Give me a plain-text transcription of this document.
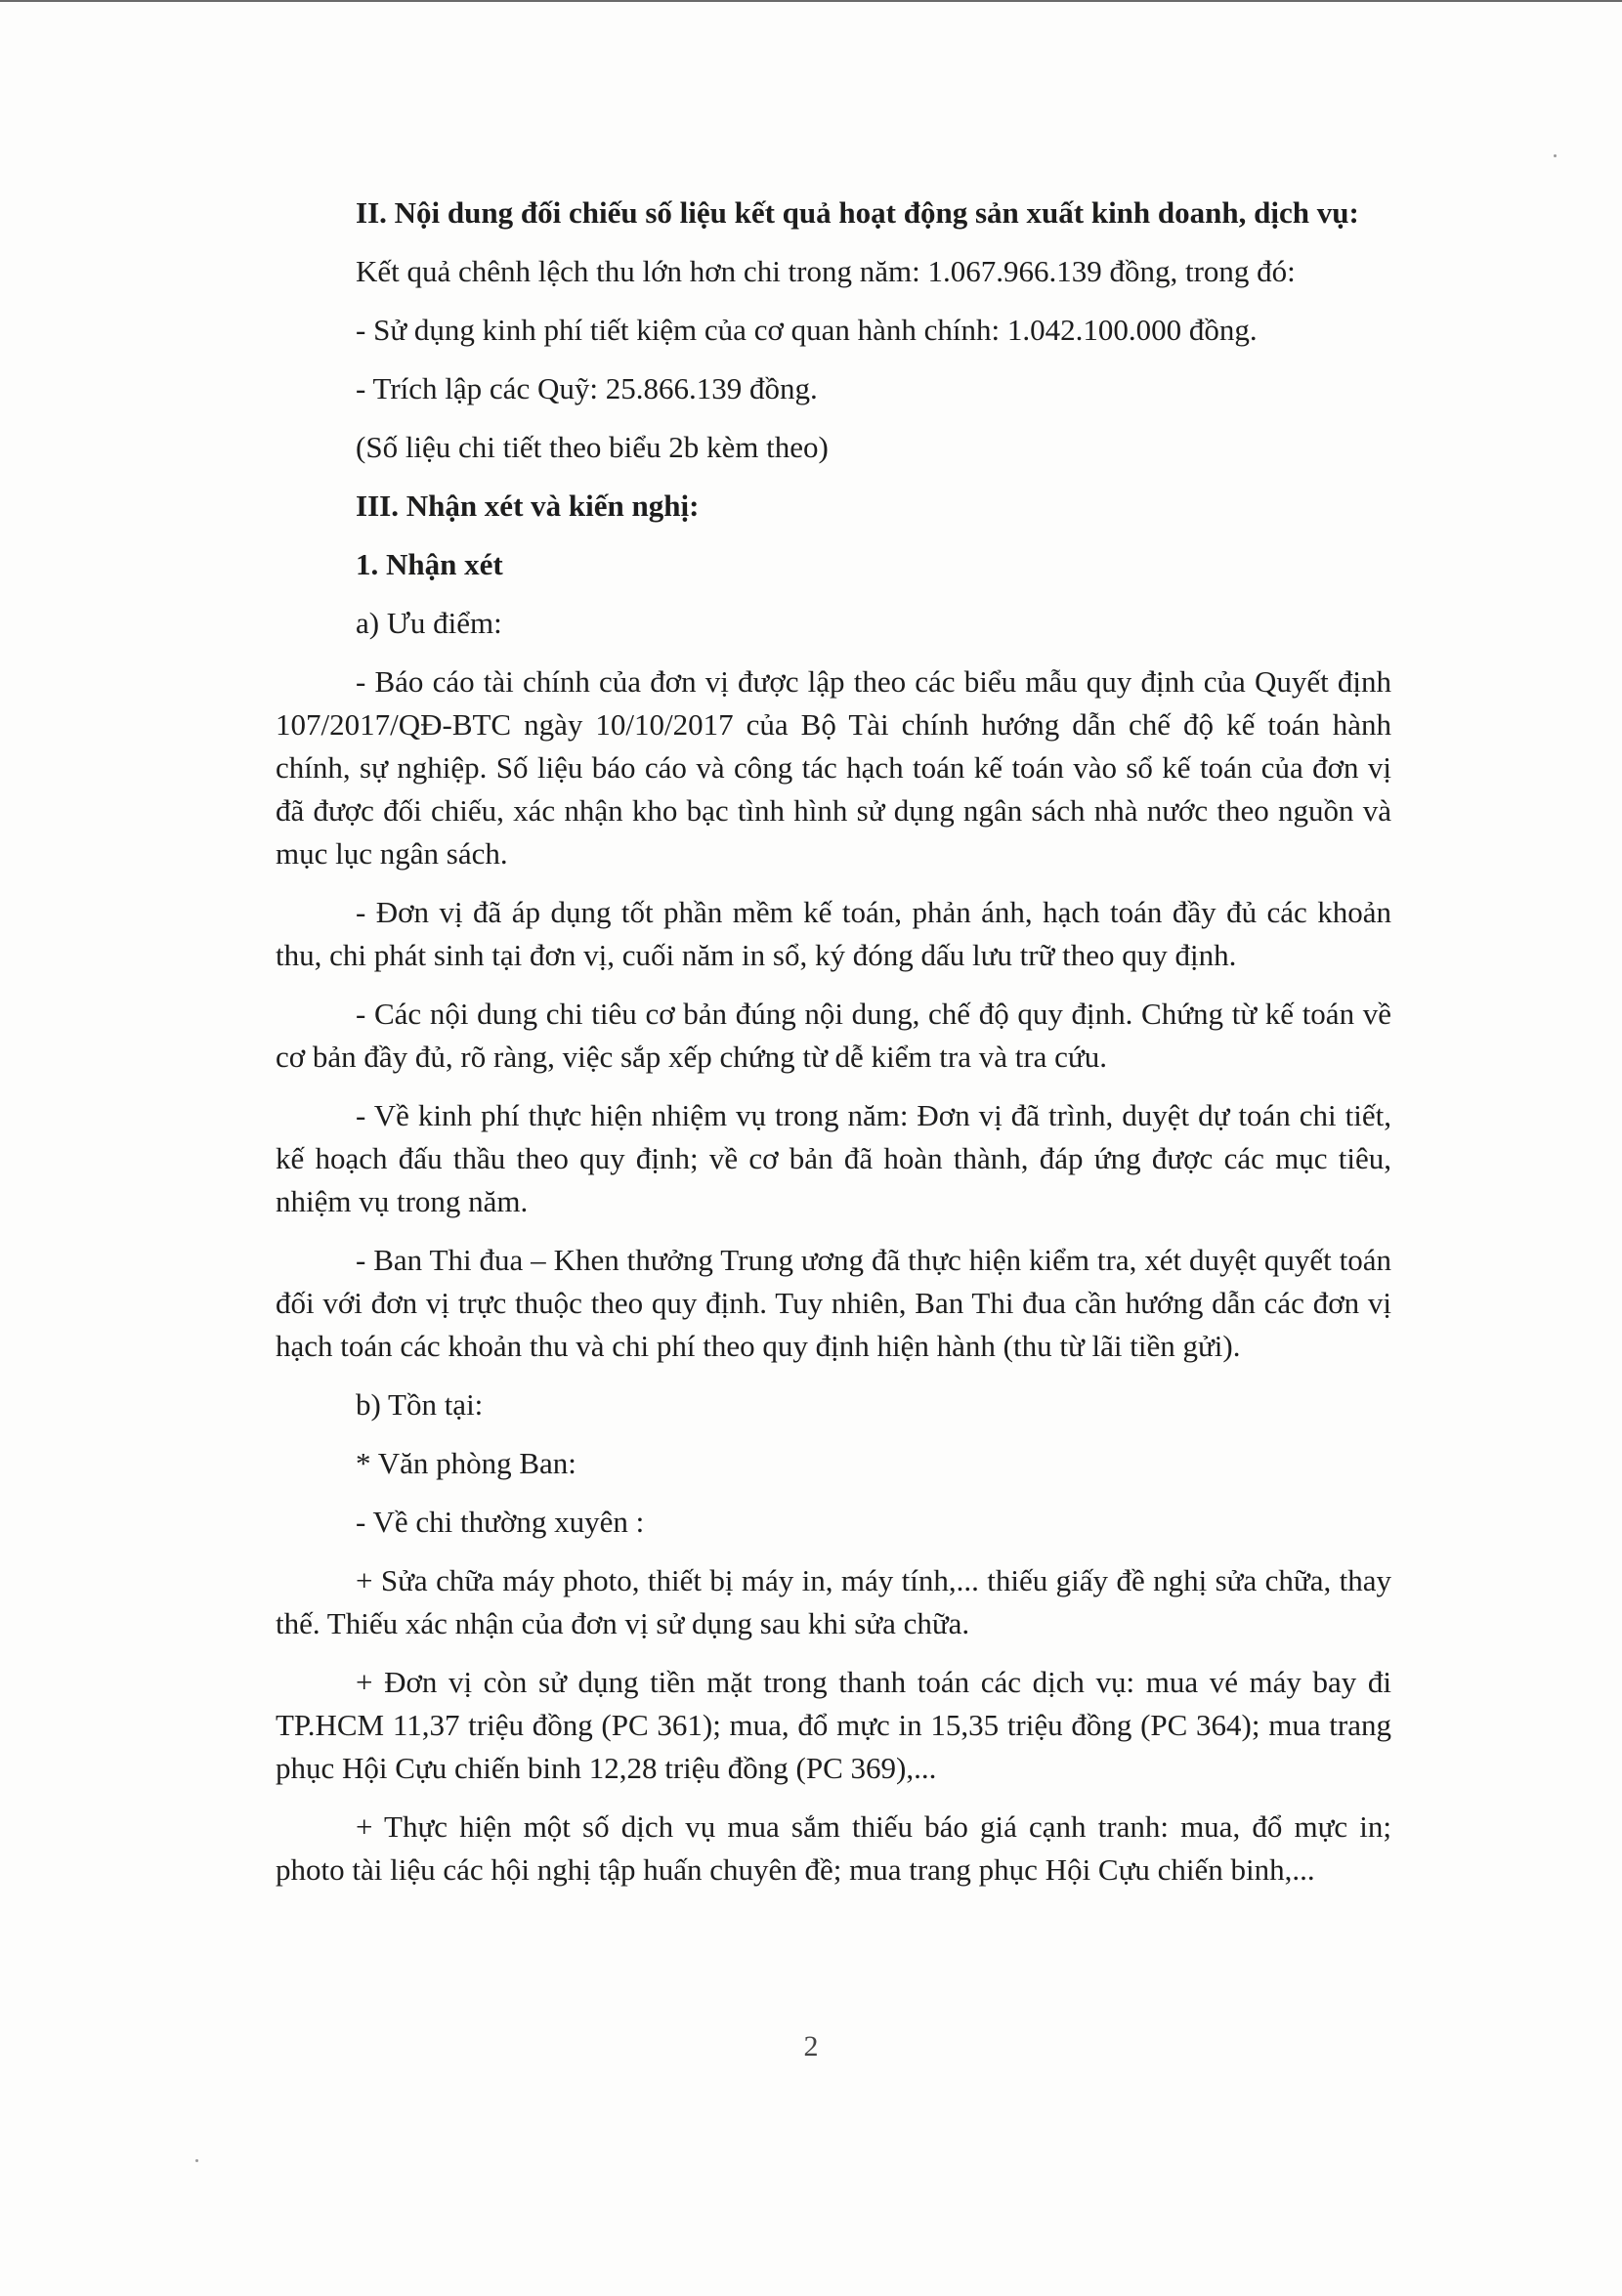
II. Nội dung đối chiếu số liệu kết quả hoạt động sản xuất kinh doanh, dịch vụ:

Kết quả chênh lệch thu lớn hơn chi trong năm: 1.067.966.139 đồng, trong đó:

- Sử dụng kinh phí tiết kiệm của cơ quan hành chính: 1.042.100.000 đồng.

- Trích lập các Quỹ: 25.866.139 đồng.

(Số liệu chi tiết theo biểu 2b kèm theo)

III. Nhận xét và kiến nghị:

1. Nhận xét

a) Ưu điểm:

- Báo cáo tài chính của đơn vị được lập theo các biểu mẫu quy định của Quyết định 107/2017/QĐ-BTC ngày 10/10/2017 của Bộ Tài chính hướng dẫn chế độ kế toán hành chính, sự nghiệp. Số liệu báo cáo và công tác hạch toán kế toán vào sổ kế toán của đơn vị đã được đối chiếu, xác nhận kho bạc tình hình sử dụng ngân sách nhà nước theo nguồn và mục lục ngân sách.

- Đơn vị đã áp dụng tốt phần mềm kế toán, phản ánh, hạch toán đầy đủ các khoản thu, chi phát sinh tại đơn vị, cuối năm in sổ, ký đóng dấu lưu trữ theo quy định.

- Các nội dung chi tiêu cơ bản đúng nội dung, chế độ quy định. Chứng từ kế toán về cơ bản đầy đủ, rõ ràng, việc sắp xếp chứng từ dễ kiểm tra và tra cứu.

- Về kinh phí thực hiện nhiệm vụ trong năm: Đơn vị đã trình, duyệt dự toán chi tiết, kế hoạch đấu thầu theo quy định; về cơ bản đã hoàn thành, đáp ứng được các mục tiêu, nhiệm vụ trong năm.

- Ban Thi đua – Khen thưởng Trung ương đã thực hiện kiểm tra, xét duyệt quyết toán đối với đơn vị trực thuộc theo quy định. Tuy nhiên, Ban Thi đua cần hướng dẫn các đơn vị hạch toán các khoản thu và chi phí theo quy định hiện hành (thu từ lãi tiền gửi).

b) Tồn tại:

* Văn phòng Ban:

- Về chi thường xuyên :

+ Sửa chữa máy photo, thiết bị máy in, máy tính,... thiếu giấy đề nghị sửa chữa, thay thế. Thiếu xác nhận của đơn vị sử dụng sau khi sửa chữa.

+ Đơn vị còn sử dụng tiền mặt trong thanh toán các dịch vụ: mua vé máy bay đi TP.HCM 11,37 triệu đồng (PC 361); mua, đổ mực in 15,35 triệu đồng (PC 364); mua trang phục Hội Cựu chiến binh 12,28 triệu đồng (PC 369),...

+ Thực hiện một số dịch vụ mua sắm thiếu báo giá cạnh tranh: mua, đổ mực in; photo tài liệu các hội nghị tập huấn chuyên đề; mua trang phục Hội Cựu chiến binh,...

2
